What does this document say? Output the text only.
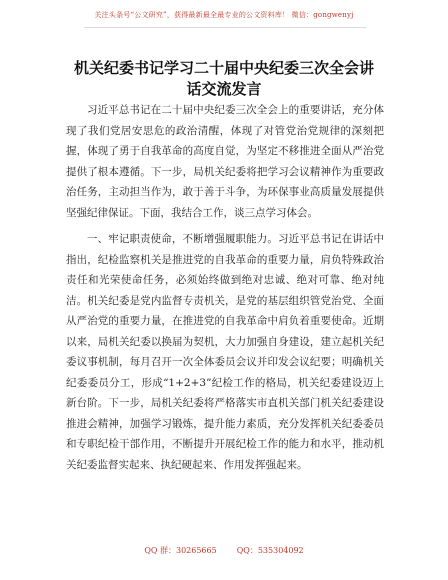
关注头条号“公文研究”，获得最新最全最专业的公文资料库！ 微信：gongwenyj
机关纪委书记学习二十届中央纪委三次全会讲
话交流发言

习近平总书记在二十届中央纪委三次全会上的重要讲话，充分体现了我们党居安思危的政治清醒，体现了对管党治党规律的深刻把握，体现了勇于自我革命的高度自觉，为坚定不移推进全面从严治党提供了根本遵循。下一步，局机关纪委将把学习会议精神作为重要政治任务，主动担当作为，敢于善于斗争，为环保事业高质量发展提供坚强纪律保证。下面，我结合工作，谈三点学习体会。

一、牢记职责使命，不断增强履职能力。习近平总书记在讲话中指出，纪检监察机关是推进党的自我革命的重要力量，肩负特殊政治责任和光荣使命任务，必须始终做到绝对忠诚、绝对可靠、绝对纯洁。机关纪委是党内监督专责机关，是党的基层组织管党治党、全面从严治党的重要力量，在推进党的自我革命中肩负着重要使命。近期以来，局机关纪委以换届为契机，大力加强自身建设，建立起机关纪委议事机制，每月召开一次全体委员会议并印发会议纪要；明确机关纪委委员分工，形成“1+2+3”纪检工作的格局，机关纪委建设迈上新台阶。下一步，局机关纪委将严格落实市直机关部门机关纪委建设推进会精神，加强学习锻炼，提升能力素质，充分发挥机关纪委委员和专职纪检干部作用，不断提升开展纪检工作的能力和水平，推动机关纪委监督实起来、执纪硬起来、作用发挥强起来。

QQ 群：30265665	QQ：535304092
